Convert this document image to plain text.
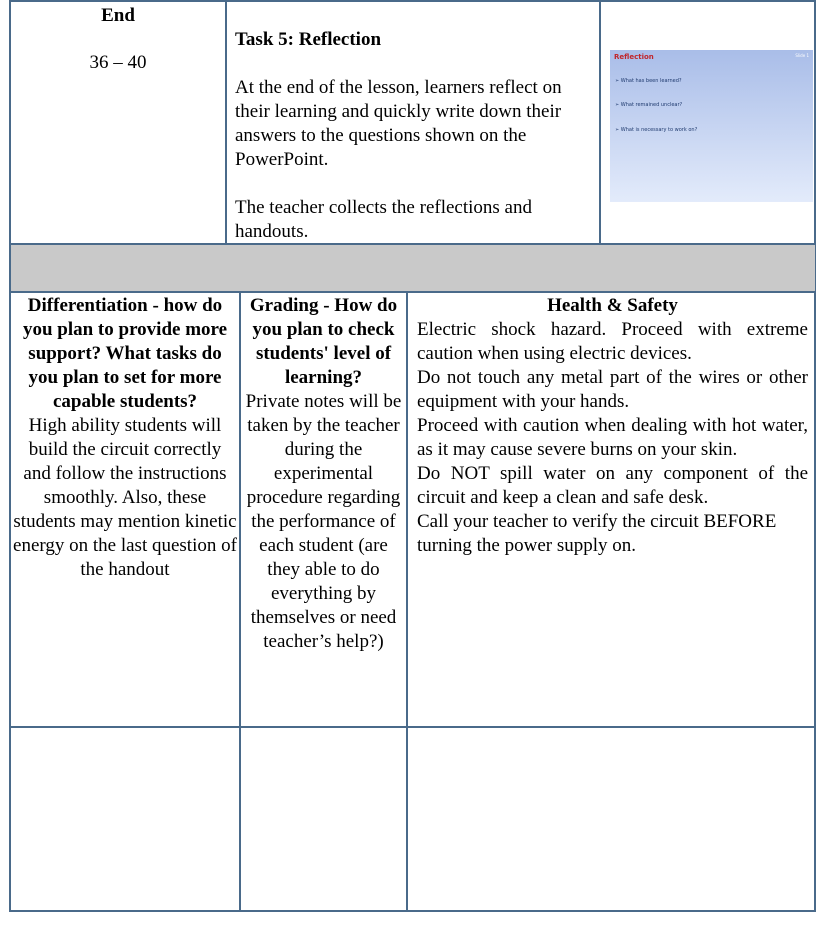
End

36 – 40

Task 5: Reflection

At the end of the lesson, learners reflect on their learning and quickly write down their answers to the questions shown on the PowerPoint.

The teacher collects the reflections and handouts.

Reflection	Slide 1
➢ What has been learned?
➢ What remained unclear?
➢ What is necessary to work on?

Differentiation - how do you plan to provide more support? What tasks do you plan to set for more capable students?

High ability students will build the circuit correctly and follow the instructions smoothly. Also, these students may mention kinetic energy on the last question of the handout

Grading - How do you plan to check students' level of learning?

Private notes will be taken by the teacher during the experimental procedure regarding the performance of each student (are they able to do everything by themselves or need teacher’s help?)

Health & Safety

Electric shock hazard. Proceed with extreme caution when using electric devices.

Do not touch any metal part of the wires or other equipment with your hands.

Proceed with caution when dealing with hot water, as it may cause severe burns on your skin.

Do NOT spill water on any component of the circuit and keep a clean and safe desk.

Call your teacher to verify the circuit BEFORE turning the power supply on.
